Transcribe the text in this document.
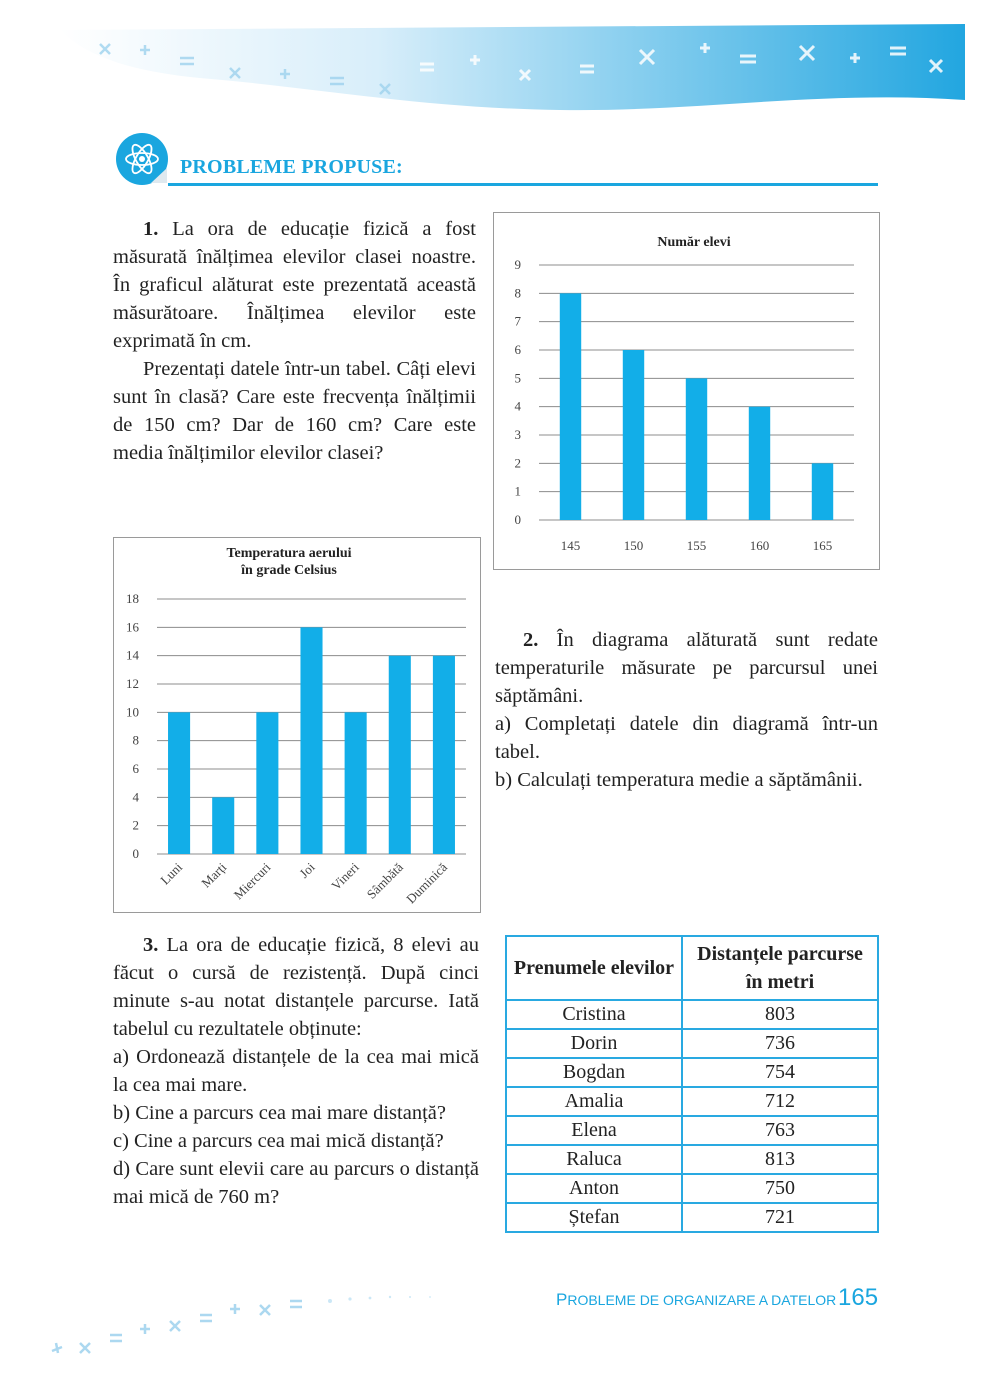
PROBLEME PROPUSE:

1. La ora de educație fizică a fost măsurată înălțimea elevilor clasei noastre. În graficul alăturat este prezentată această măsurătoare. Înălțimea elevilor este exprimată în cm.

Prezentați datele într-un tabel. Câți elevi sunt în clasă? Care este frecvența înălțimii de 150 cm? Dar de 160 cm? Care este media înălțimilor elevilor clasei?

Număr elevi
0
1
2
3
4
5
6
7
8
9
145	150	155	160	165
Temperatura aerului
în grade Celsius
0
2
4
6
8
10
12
14
16
18
Luni Marți Miercuri Joi Vineri Sâmbătă
Duminică

2. În diagrama alăturată sunt redate temperaturile măsurate pe parcursul unei săptămâni.

a) Completați datele din diagramă într-un tabel.

b) Calculați temperatura medie a săptămânii.

3. La ora de educație fizică, 8 elevi au făcut o cursă de rezistență. După cinci minute s-au notat distanțele parcurse. Iată tabelul cu rezultatele obținute:

a) Ordonează distanțele de la cea mai mică la cea mai mare.

b) Cine a parcurs cea mai mare distanță?

c) Cine a parcurs cea mai mică distanță?

d) Care sunt elevii care au parcurs o distanță mai mică de 760 m?

Prenumele elevilor	Distanțele parcurse în metri
Cristina	803
Dorin	736
Bogdan	754
Amalia	712
Elena	763
Raluca	813
Anton	750
Ștefan	721
PROBLEME DE ORGANIZARE A DATELOR 165
